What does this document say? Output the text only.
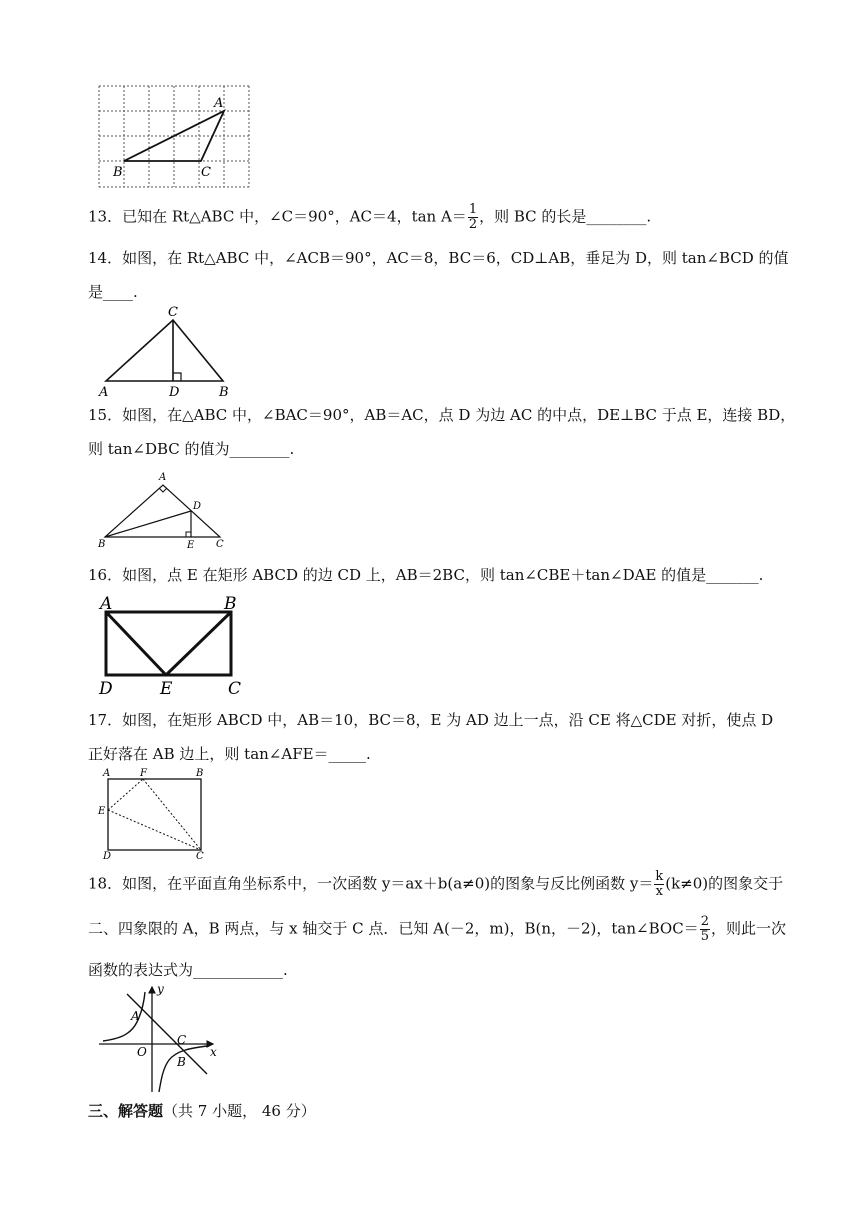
A
B	C
13．已知在 Rt△ABC 中，∠C＝90°，AC＝4，$\tan A= \frac{1}{2}$ ，则 BC 的长是________.
14．如图，在 Rt△ABC 中，∠ACB＝90°，AC＝8，BC＝6，CD⊥AB，垂足为 D，则 tan∠BCD 的值
是____.
C
A	D	B
15．如图，在△ABC 中，∠BAC＝90°，AB＝AC，点 D 为边 AC 的中点，DE⊥BC 于点 E，连接 BD，
则 tan∠DBC 的值为________.
A
D
B	E C
16．如图，点 E 在矩形 ABCD 的边 CD 上，AB＝2BC，则 tan∠CBE＋tan∠DAE 的值是_______.
A	B
D	E	C
17．如图，在矩形 ABCD 中，AB＝10，BC＝8，E 为 AD 边上一点，沿 CE 将△CDE 对折，使点 D
正好落在 AB 边上，则 tan∠AFE＝_____.
A	F	B
E
D	C
18．如图，在平面直角坐标系中，一次函数 y＝ax＋b(a≠0)的图象与反比例函数 $y= \frac{k}{x} (k\ne 0)$的图象交于
二、四象限的 A，B 两点，与 x 轴交于 C 点．已知 A(－2，m)，B(n，－2)，tan∠BOC＝ $\frac{2}{5}$ ，则此一次
函数的表达式为____________.
y
x
O
A
C
B
三、解答题（共 7 小题， 46 分）
